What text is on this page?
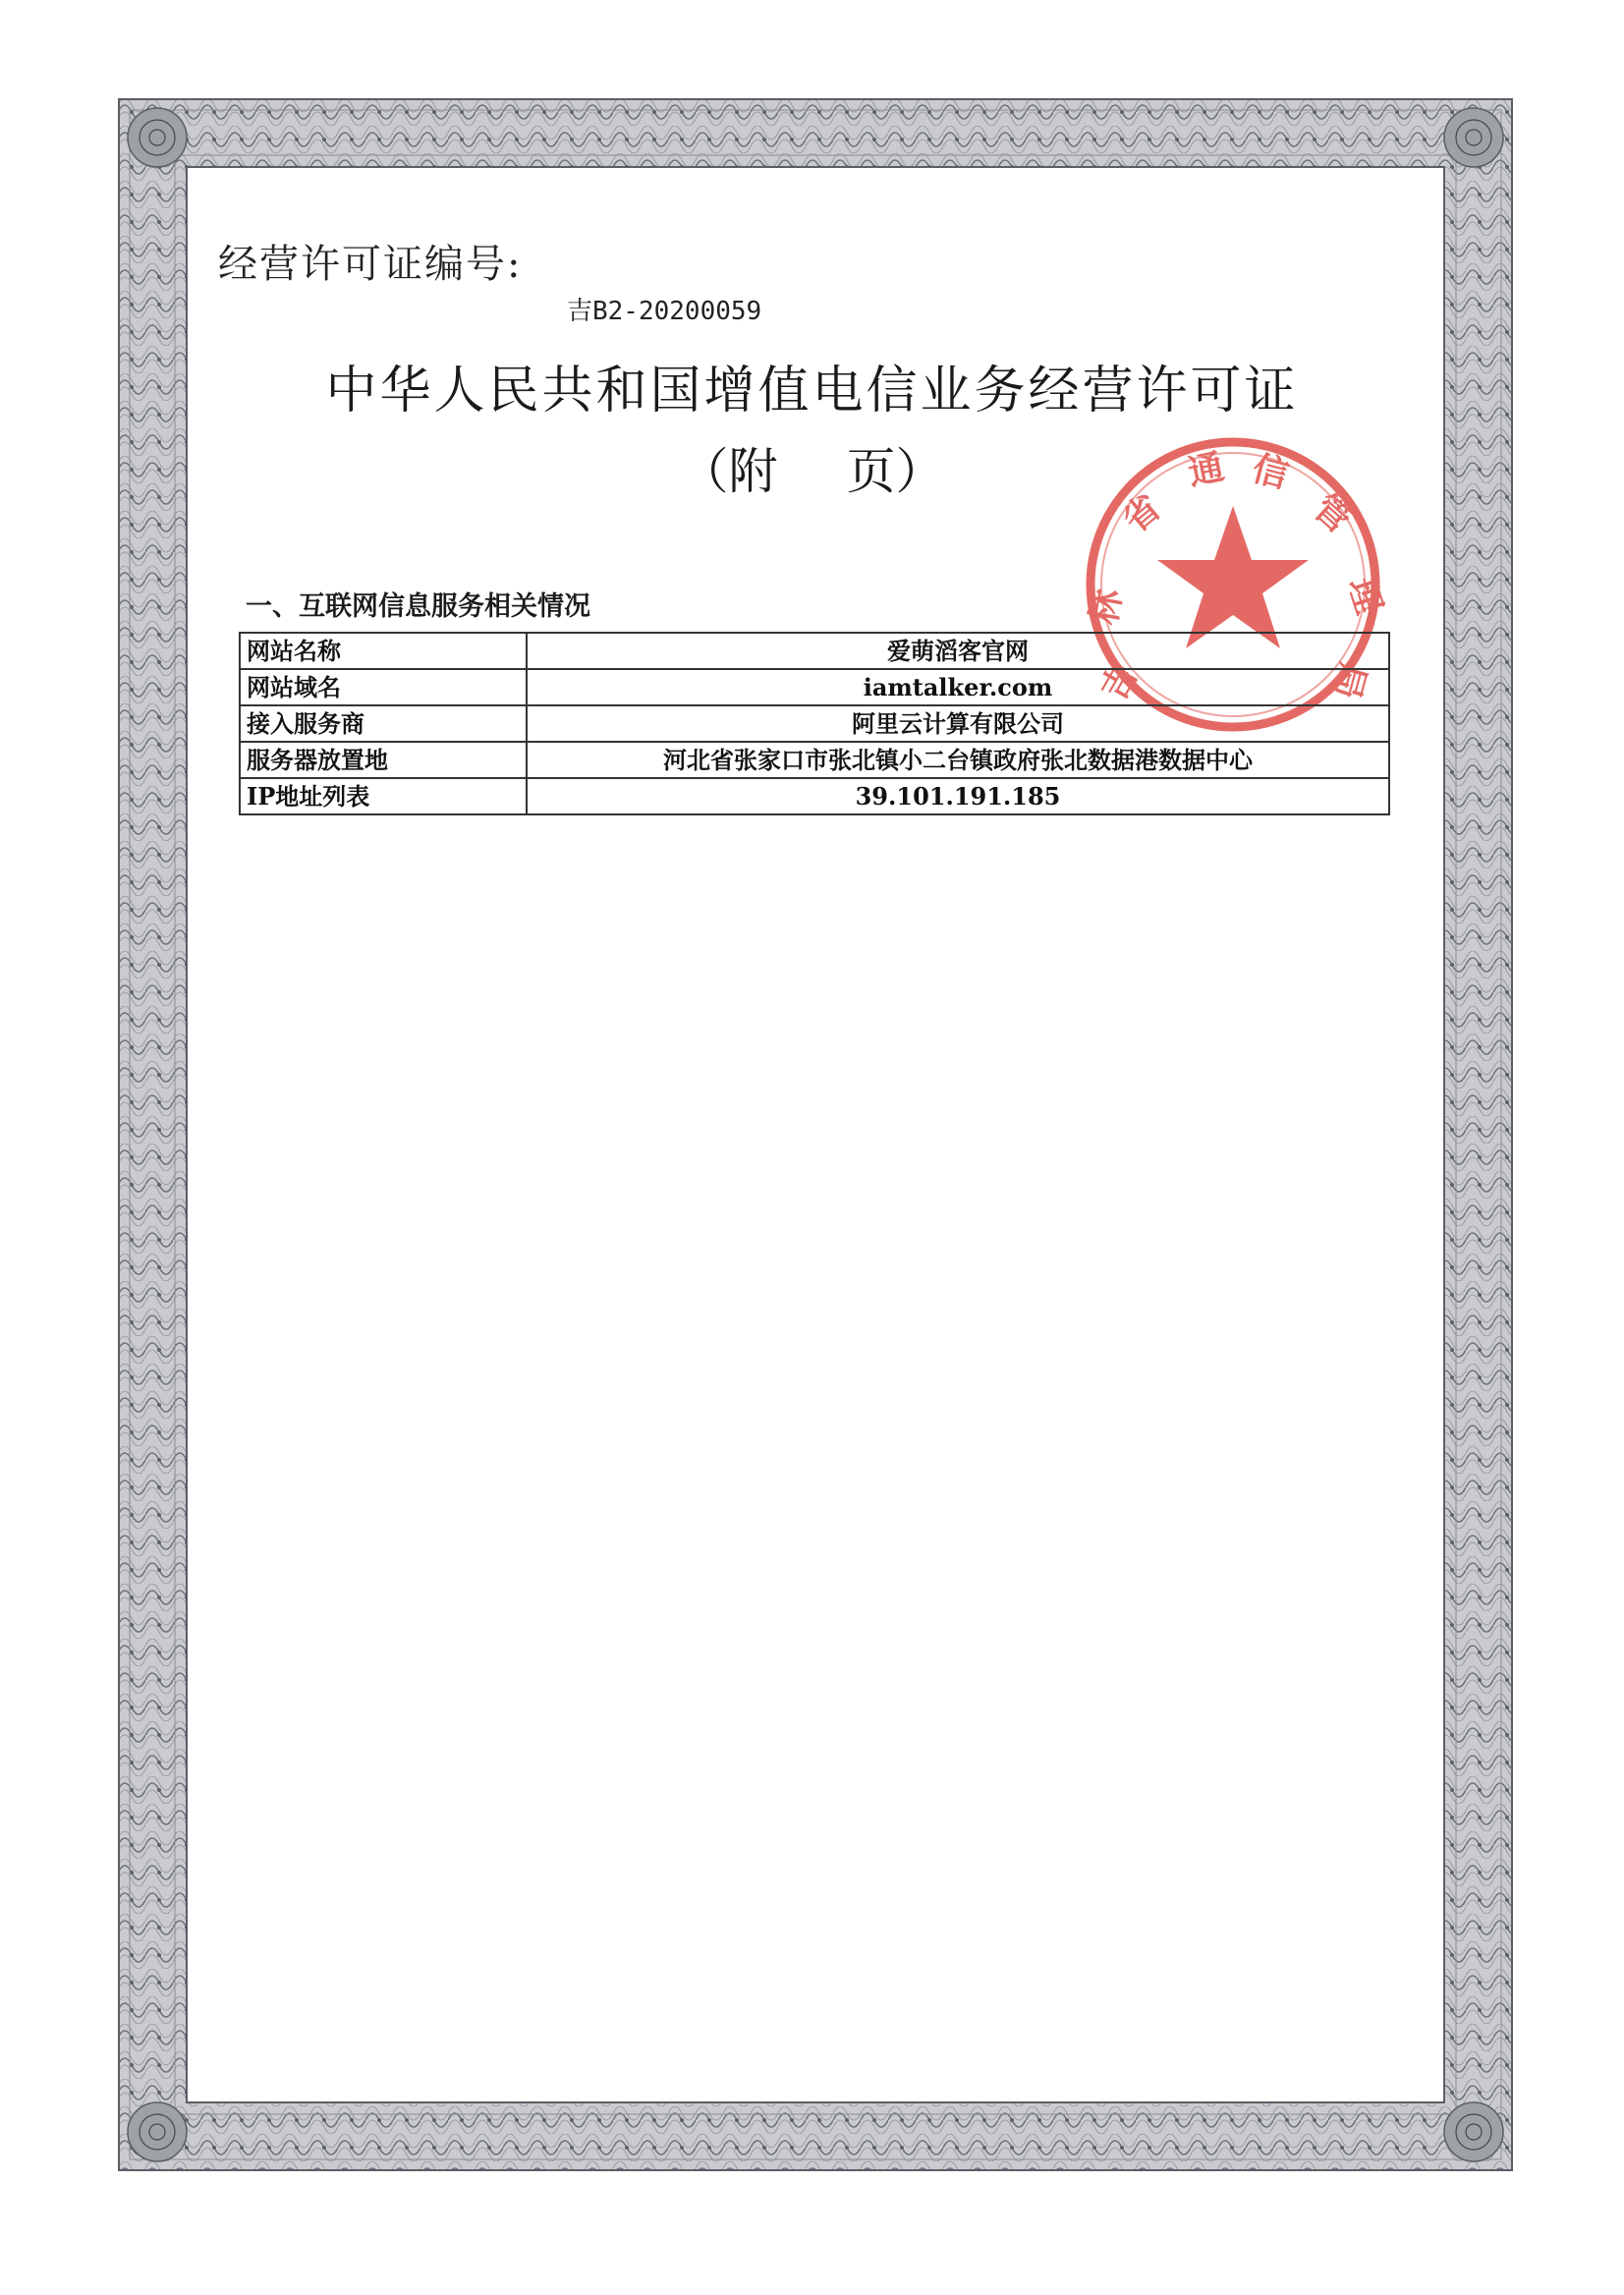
经营许可证编号:
吉B2-20200059
中华人民共和国增值电信业务经营许可证
（附 页）
吉
林
省
通 信
管
理
局
一、互联网信息服务相关情况
网站名称	爱萌滔客官网
网站域名	iamtalker.com
接入服务商	阿里云计算有限公司
服务器放置地	河北省张家口市张北镇小二台镇政府张北数据港数据中心
IP地址列表	39.101.191.185
